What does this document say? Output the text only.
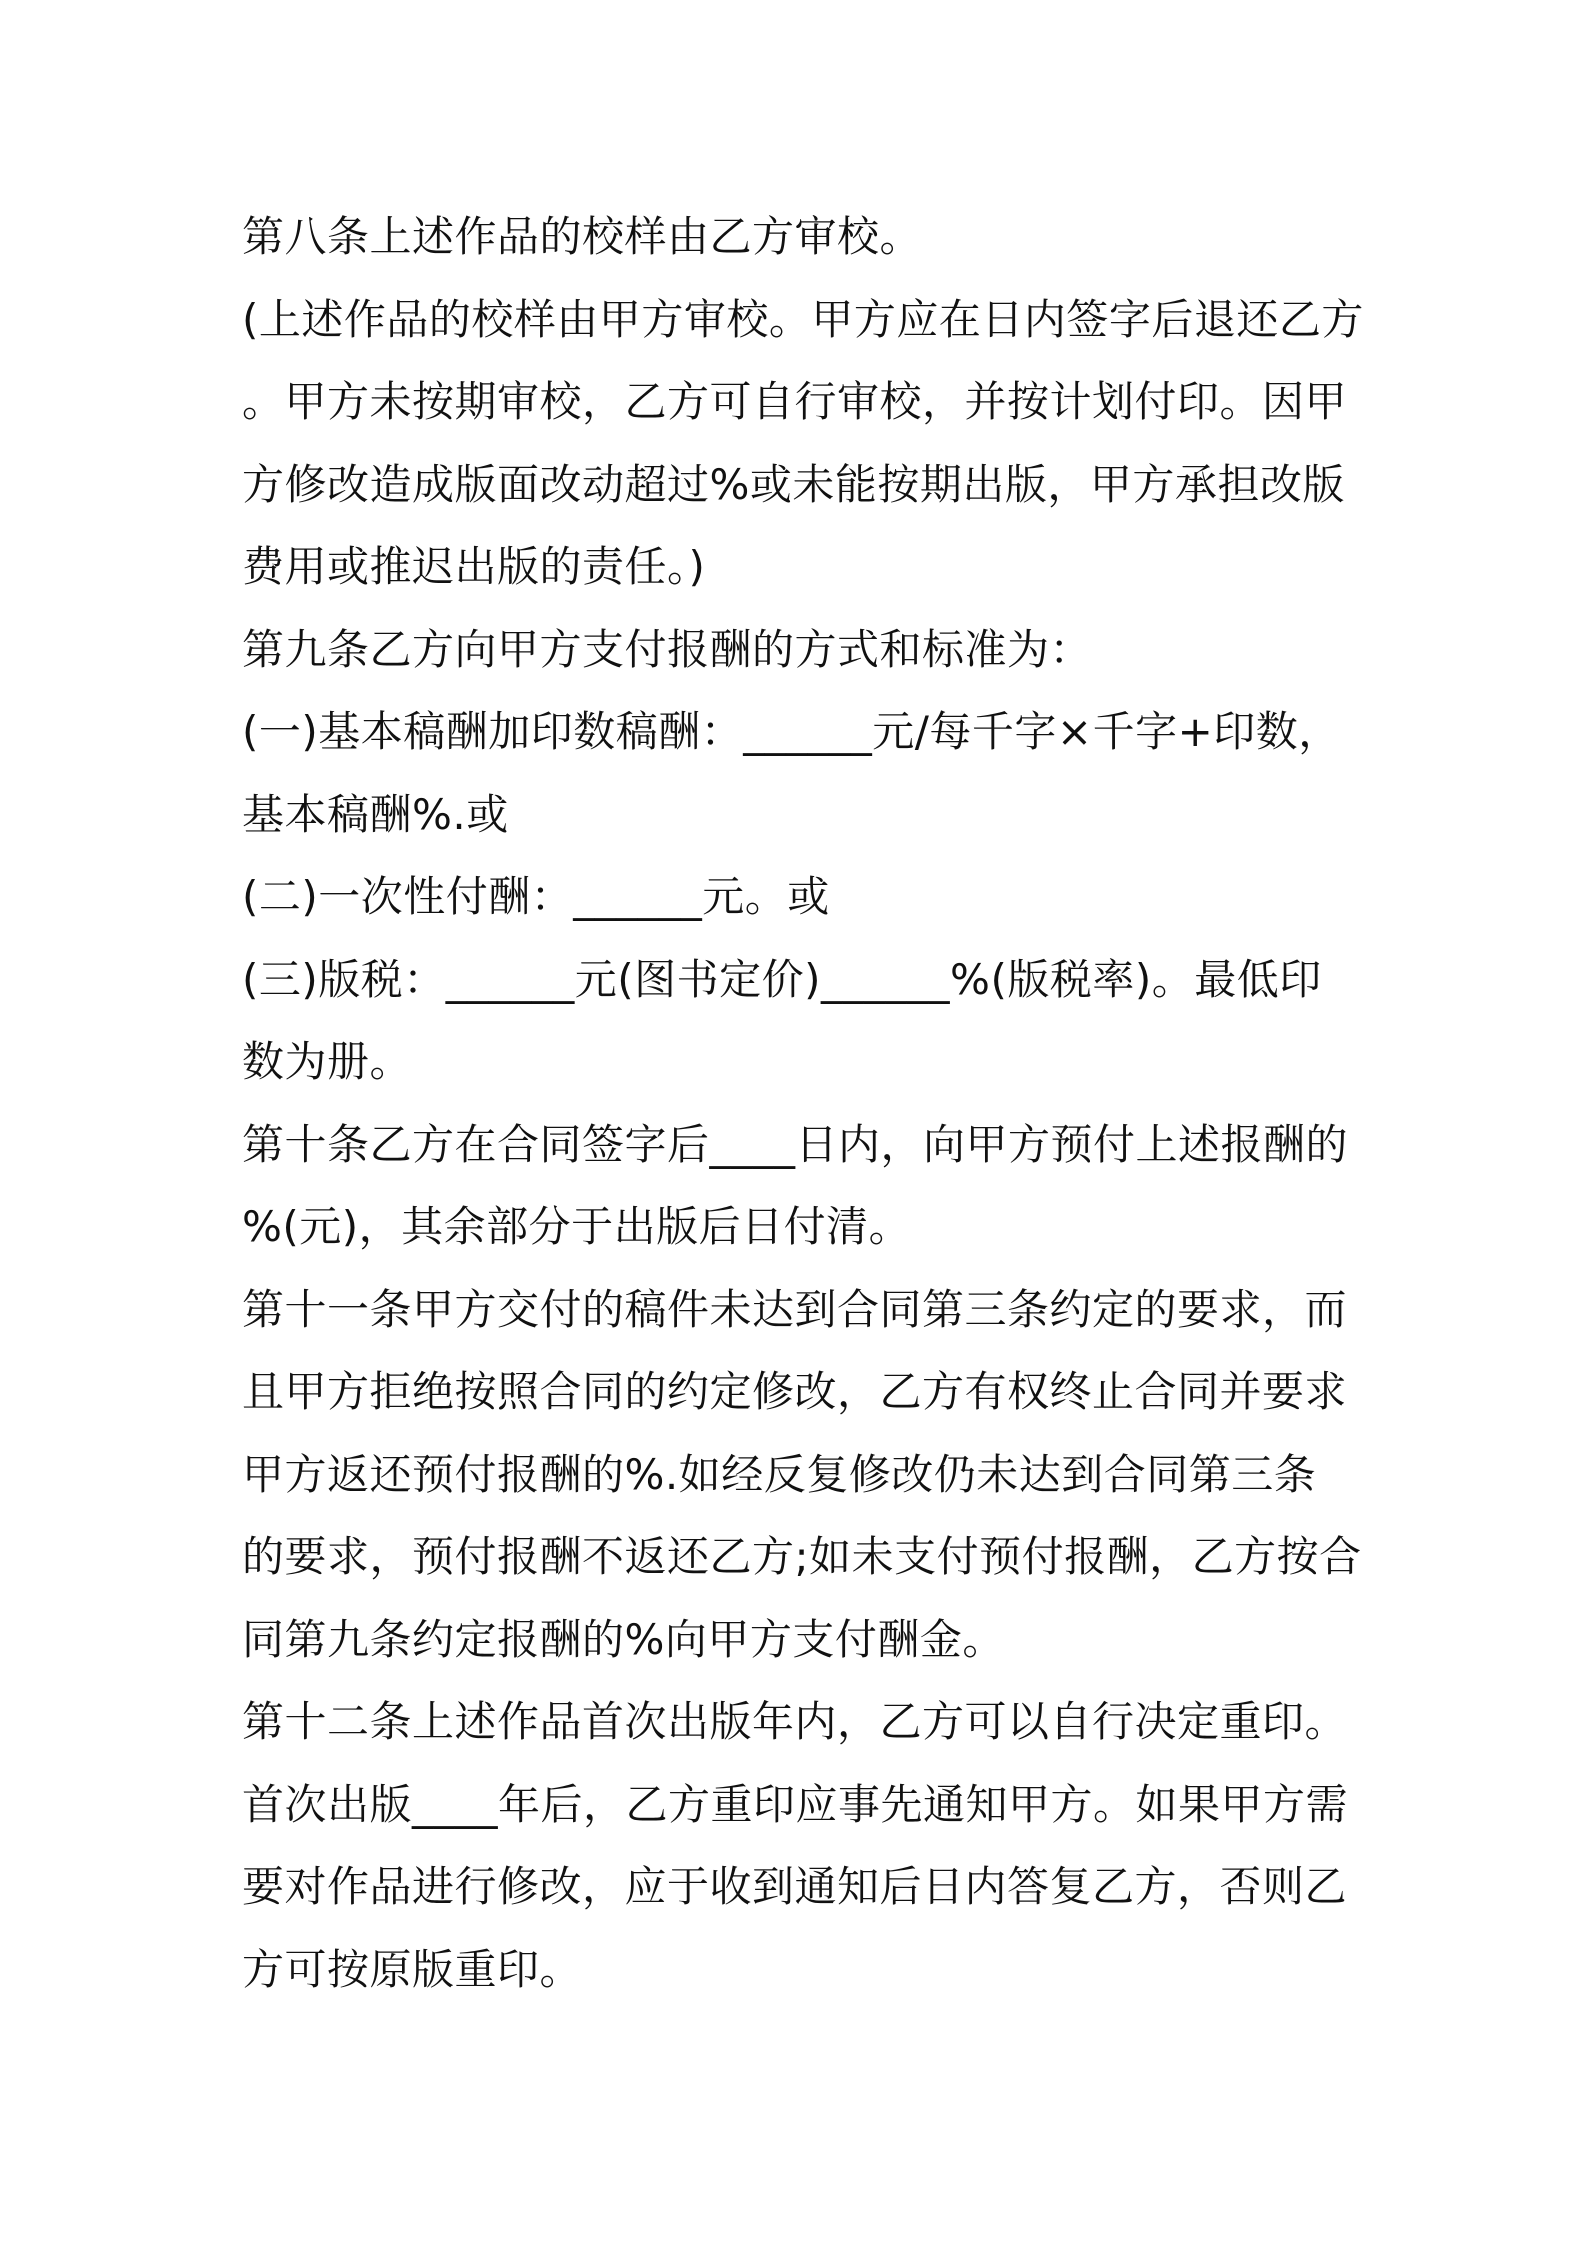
第八条上述作品的校样由乙方审校。
(上述作品的校样由甲方审校。甲方应在日内签字后退还乙方
。甲方未按期审校，乙方可自行审校，并按计划付印。因甲
方修改造成版面改动超过%或未能按期出版，甲方承担改版
费用或推迟出版的责任。)
第九条乙方向甲方支付报酬的方式和标准为：
(一)基本稿酬加印数稿酬：______元/每千字×千字+印数，
基本稿酬%.或
(二)一次性付酬：______元。或
(三)版税：______元(图书定价)______%(版税率)。最低印
数为册。
第十条乙方在合同签字后____日内，向甲方预付上述报酬的
%(元)，其余部分于出版后日付清。
第十一条甲方交付的稿件未达到合同第三条约定的要求，而
且甲方拒绝按照合同的约定修改，乙方有权终止合同并要求
甲方返还预付报酬的%.如经反复修改仍未达到合同第三条
的要求，预付报酬不返还乙方;如未支付预付报酬，乙方按合
同第九条约定报酬的%向甲方支付酬金。
第十二条上述作品首次出版年内，乙方可以自行决定重印。
首次出版____年后，乙方重印应事先通知甲方。如果甲方需
要对作品进行修改，应于收到通知后日内答复乙方，否则乙
方可按原版重印。
